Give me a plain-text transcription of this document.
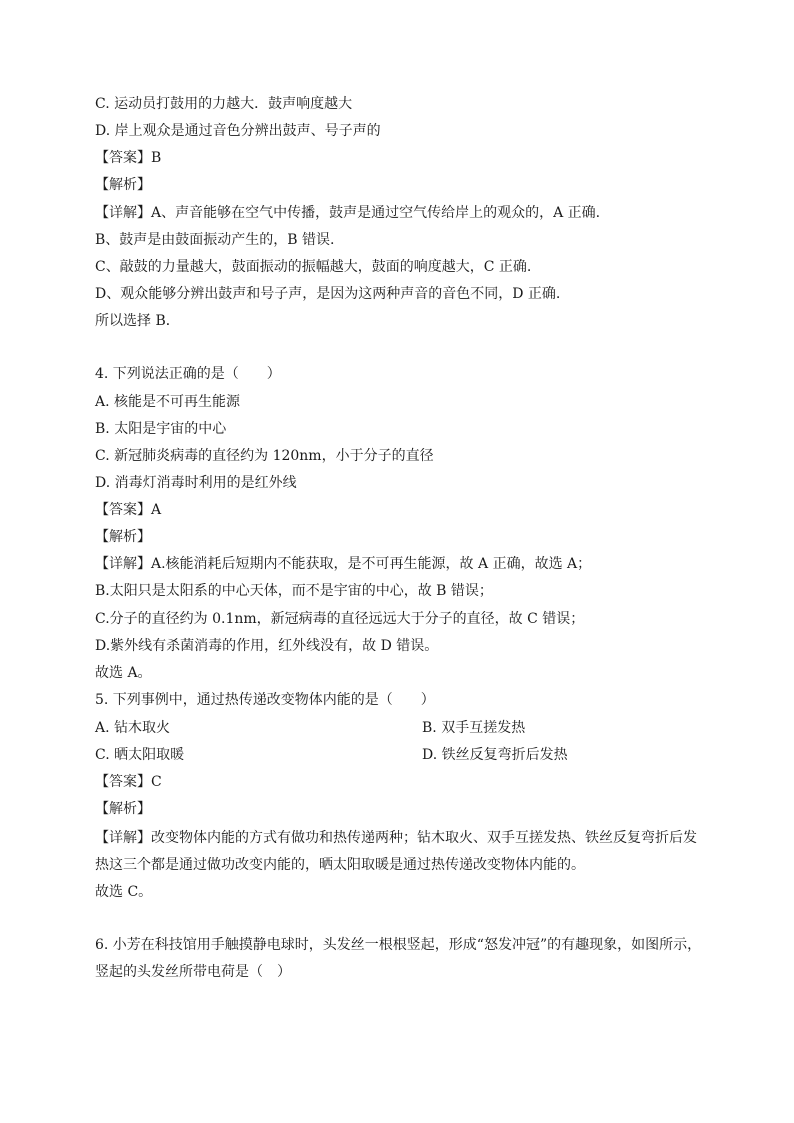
C. 运动员打鼓用的力越大．鼓声响度越大
D. 岸上观众是通过音色分辨出鼓声、号子声的
【答案】B
【解析】
【详解】A、声音能够在空气中传播，鼓声是通过空气传给岸上的观众的，A 正确.
B、鼓声是由鼓面振动产生的，B 错误.
C、敲鼓的力量越大，鼓面振动的振幅越大，鼓面的响度越大，C 正确.
D、观众能够分辨出鼓声和号子声，是因为这两种声音的音色不同，D 正确.
所以选择 B．
4. 下列说法正确的是（　　）
A. 核能是不可再生能源
B. 太阳是宇宙的中心
C. 新冠肺炎病毒的直径约为 120nm，小于分子的直径
D. 消毒灯消毒时利用的是红外线
【答案】A
【解析】
【详解】A.核能消耗后短期内不能获取，是不可再生能源，故 A 正确，故选 A；
B.太阳只是太阳系的中心天体，而不是宇宙的中心，故 B 错误；
C.分子的直径约为 0.1nm，新冠病毒的直径远远大于分子的直径，故 C 错误；
D.紫外线有杀菌消毒的作用，红外线没有，故 D 错误。
故选 A。
5. 下列事例中，通过热传递改变物体内能的是（　　）
A. 钻木取火	B. 双手互搓发热
C. 晒太阳取暖	D. 铁丝反复弯折后发热
【答案】C
【解析】
【详解】改变物体内能的方式有做功和热传递两种；钻木取火、双手互搓发热、铁丝反复弯折后发
热这三个都是通过做功改变内能的，晒太阳取暖是通过热传递改变物体内能的。
故选 C。
6. 小芳在科技馆用手触摸静电球时，头发丝一根根竖起，形成“怒发冲冠”的有趣现象，如图所示，
竖起的头发丝所带电荷是（　）
